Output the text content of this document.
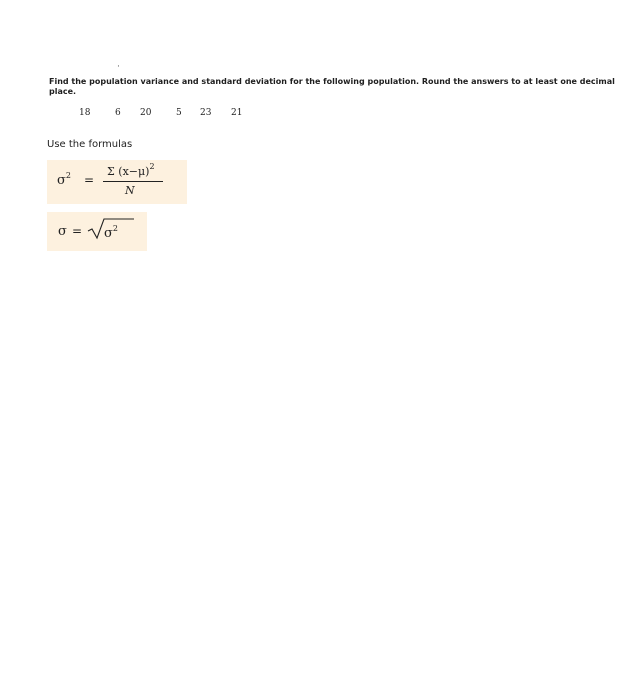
·
Find the population variance and standard deviation for the following population. Round the answers to at least one decimal place.
18	6 20	5 23 21
Use the formulas
$\sigma^2$ =
Σ $(x-\mu)^2$
N
$\sigma = \sigma^2$
